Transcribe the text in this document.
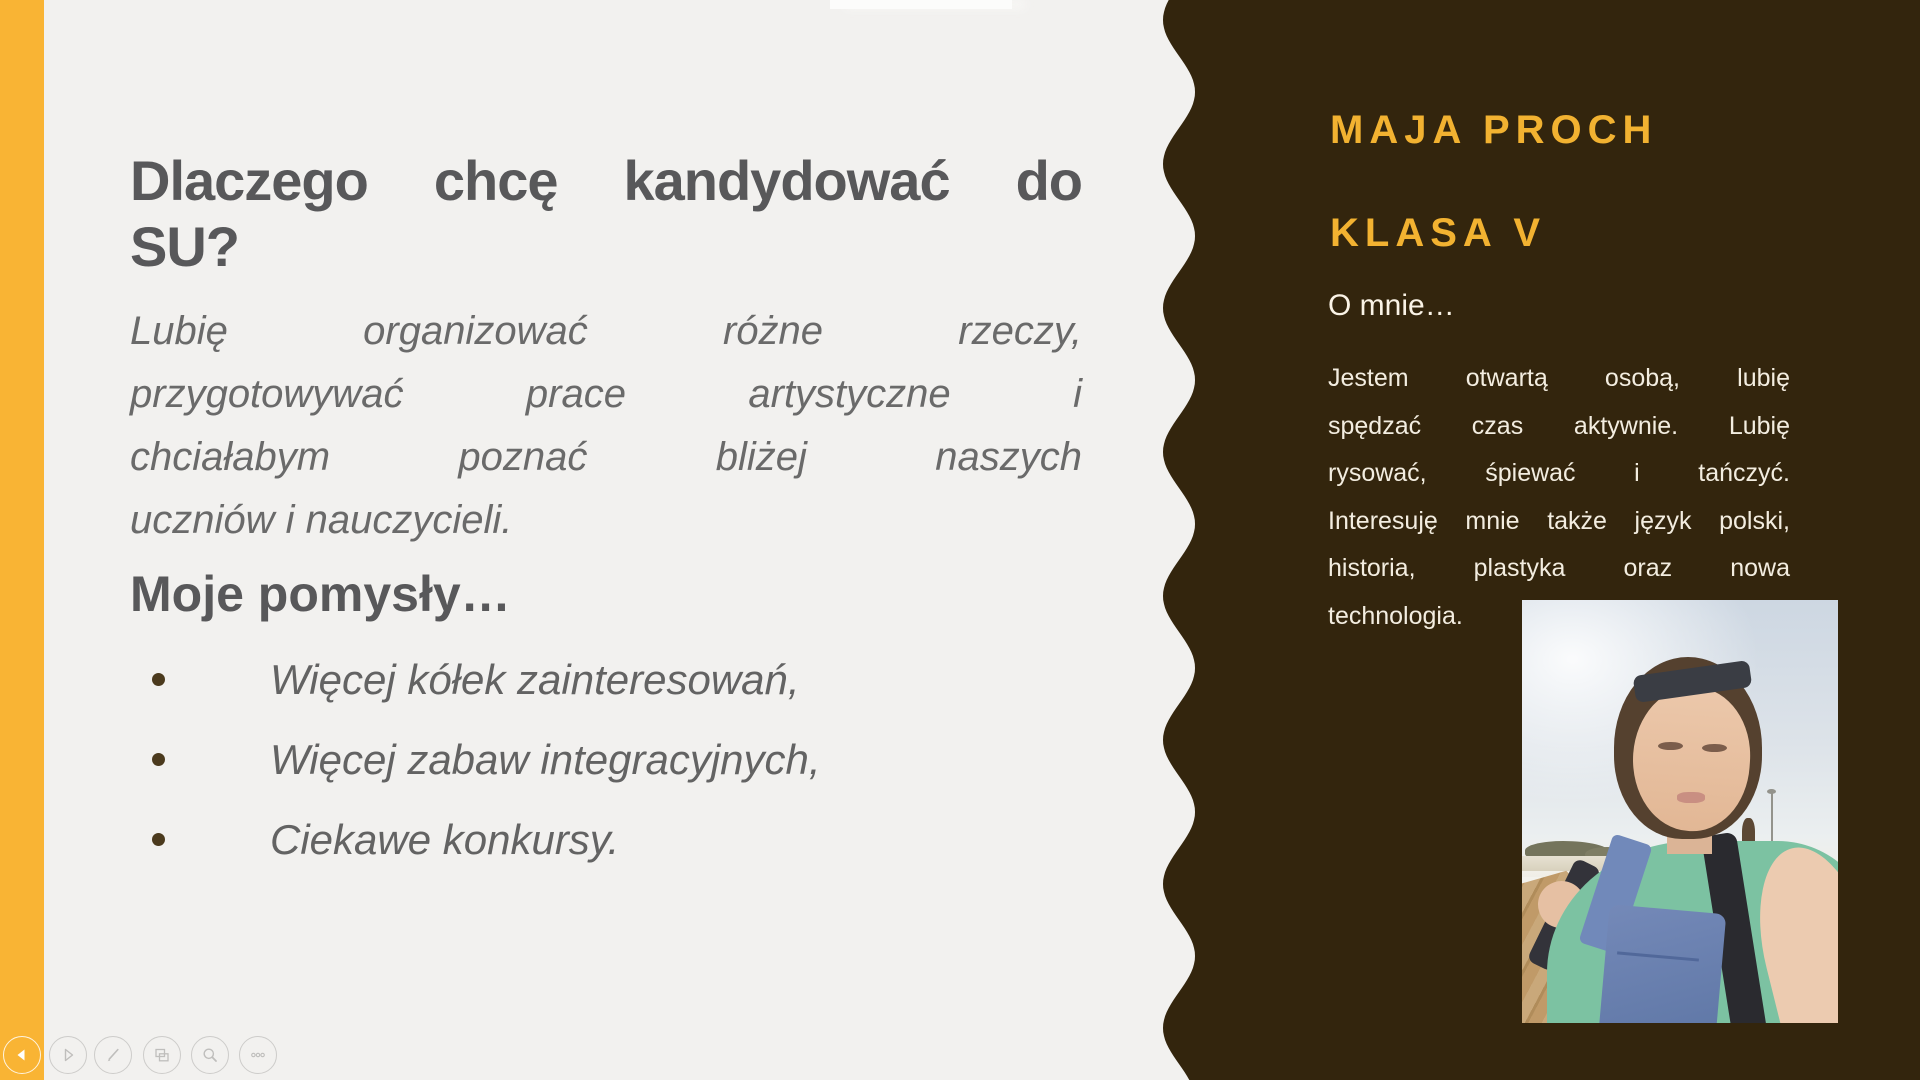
Dlaczego chcę kandydować do
SU?
Lubię organizować różne rzeczy,
przygotowywać prace artystyczne i
chciałabym poznać bliżej naszych
uczniów i nauczycieli.
Moje pomysły…
Więcej kółek zainteresowań,
Więcej zabaw integracyjnych,
Ciekawe konkursy.
MAJA PROCH
KLASA V
O mnie…
Jestem otwartą osobą, lubię
spędzać czas aktywnie. Lubię
rysować, śpiewać i tańczyć.
Interesuję mnie także język polski,
historia, plastyka oraz nowa
technologia.
